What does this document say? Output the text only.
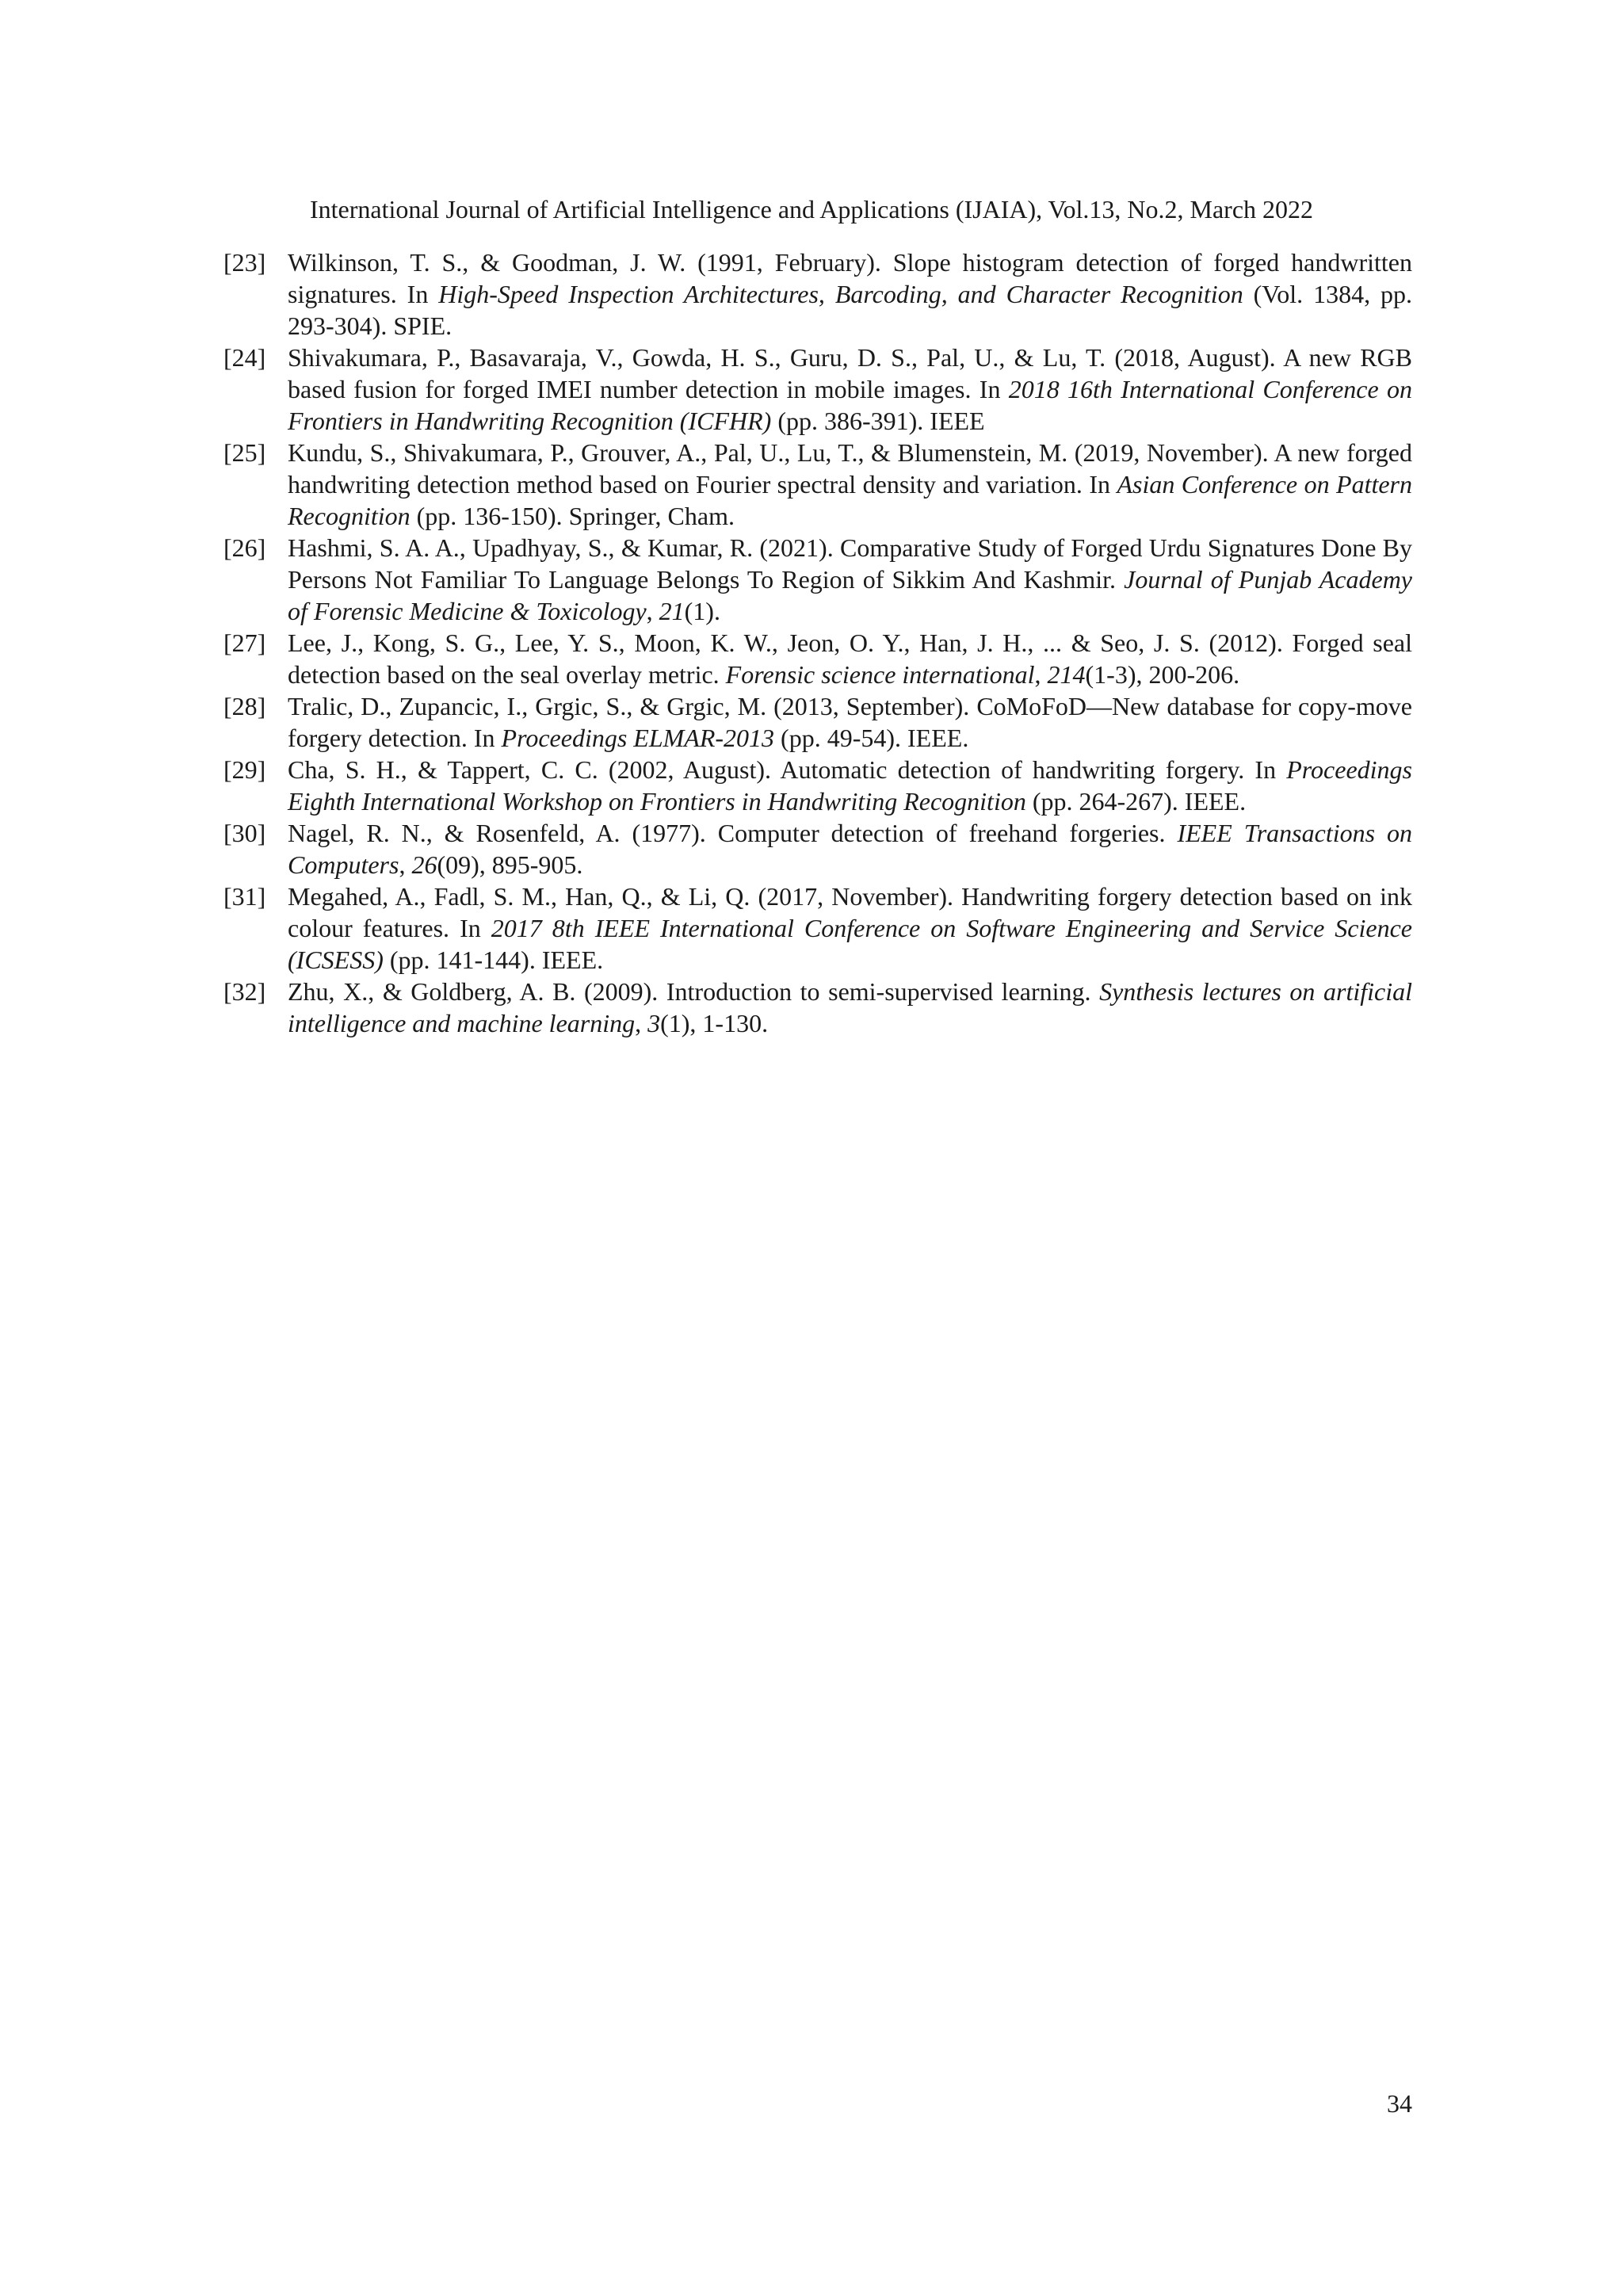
International Journal of Artificial Intelligence and Applications (IJAIA), Vol.13, No.2, March 2022
[23] Wilkinson, T. S., & Goodman, J. W. (1991, February). Slope histogram detection of forged handwritten signatures. In High-Speed Inspection Architectures, Barcoding, and Character Recognition (Vol. 1384, pp. 293-304). SPIE.
[24] Shivakumara, P., Basavaraja, V., Gowda, H. S., Guru, D. S., Pal, U., & Lu, T. (2018, August). A new RGB based fusion for forged IMEI number detection in mobile images. In 2018 16th International Conference on Frontiers in Handwriting Recognition (ICFHR) (pp. 386-391). IEEE
[25] Kundu, S., Shivakumara, P., Grouver, A., Pal, U., Lu, T., & Blumenstein, M. (2019, November). A new forged handwriting detection method based on Fourier spectral density and variation. In Asian Conference on Pattern Recognition (pp. 136-150). Springer, Cham.
[26] Hashmi, S. A. A., Upadhyay, S., & Kumar, R. (2021). Comparative Study of Forged Urdu Signatures Done By Persons Not Familiar To Language Belongs To Region of Sikkim And Kashmir. Journal of Punjab Academy of Forensic Medicine & Toxicology, 21(1).
[27] Lee, J., Kong, S. G., Lee, Y. S., Moon, K. W., Jeon, O. Y., Han, J. H., ... & Seo, J. S. (2012). Forged seal detection based on the seal overlay metric. Forensic science international, 214(1-3), 200-206.
[28] Tralic, D., Zupancic, I., Grgic, S., & Grgic, M. (2013, September). CoMoFoD—New database for copy-move forgery detection. In Proceedings ELMAR-2013 (pp. 49-54). IEEE.
[29] Cha, S. H., & Tappert, C. C. (2002, August). Automatic detection of handwriting forgery. In Proceedings Eighth International Workshop on Frontiers in Handwriting Recognition (pp. 264-267). IEEE.
[30] Nagel, R. N., & Rosenfeld, A. (1977). Computer detection of freehand forgeries. IEEE Transactions on Computers, 26(09), 895-905.
[31] Megahed, A., Fadl, S. M., Han, Q., & Li, Q. (2017, November). Handwriting forgery detection based on ink colour features. In 2017 8th IEEE International Conference on Software Engineering and Service Science (ICSESS) (pp. 141-144). IEEE.
[32] Zhu, X., & Goldberg, A. B. (2009). Introduction to semi-supervised learning. Synthesis lectures on artificial intelligence and machine learning, 3(1), 1-130.
34
